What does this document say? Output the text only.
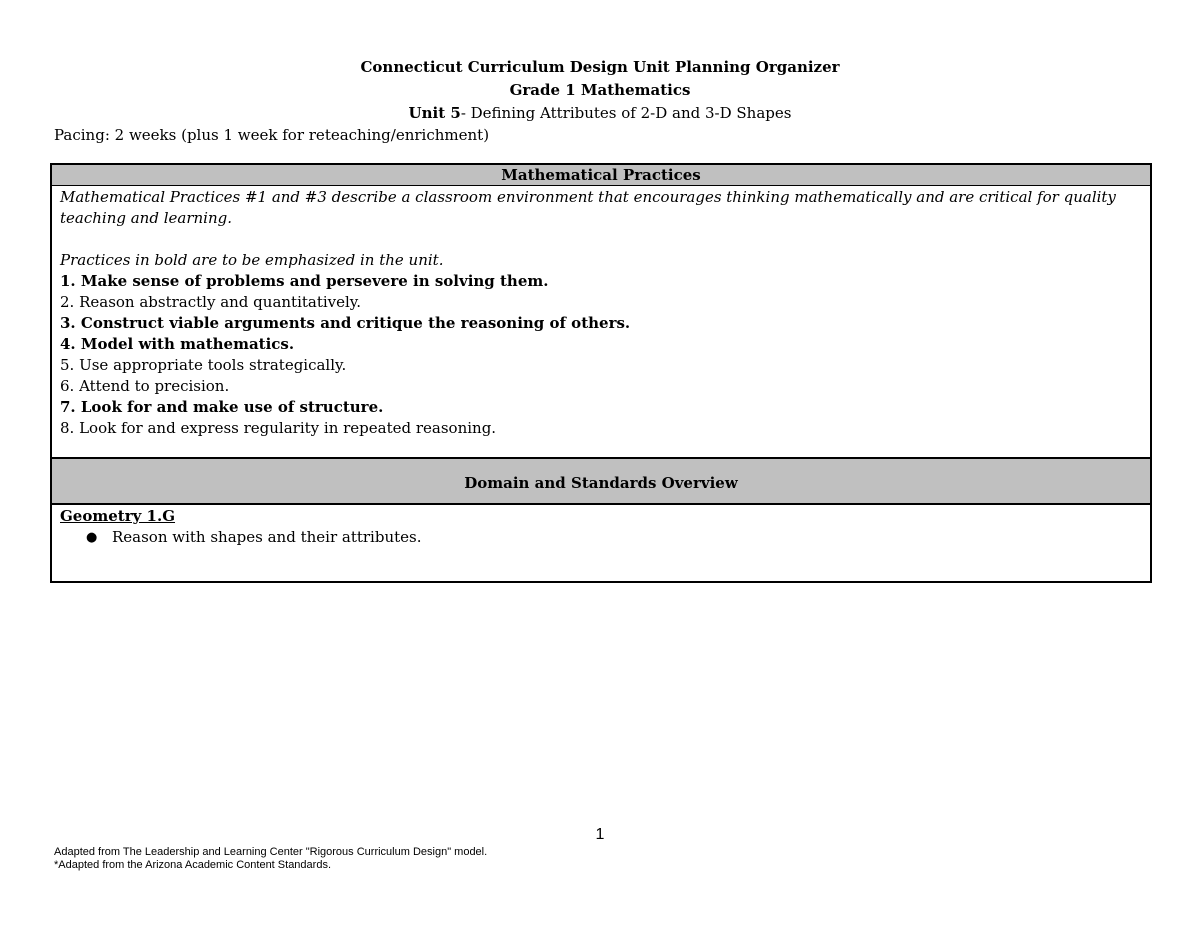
Connecticut Curriculum Design Unit Planning Organizer
Grade 1 Mathematics
Unit 5- Defining Attributes of 2-D and 3-D Shapes
Pacing: 2 weeks (plus 1 week for reteaching/enrichment)
Mathematical Practices
Mathematical Practices #1 and #3 describe a classroom environment that encourages thinking mathematically and are critical for quality teaching and learning.
Practices in bold are to be emphasized in the unit.
1. Make sense of problems and persevere in solving them.
2. Reason abstractly and quantitatively.
3. Construct viable arguments and critique the reasoning of others.
4. Model with mathematics.
5. Use appropriate tools strategically.
6. Attend to precision.
7. Look for and make use of structure.
8. Look for and express regularity in repeated reasoning.
Domain and Standards Overview
Geometry 1.G
● Reason with shapes and their attributes.
1
Adapted from The Leadership and Learning Center "Rigorous Curriculum Design" model.
*Adapted from the Arizona Academic Content Standards.
